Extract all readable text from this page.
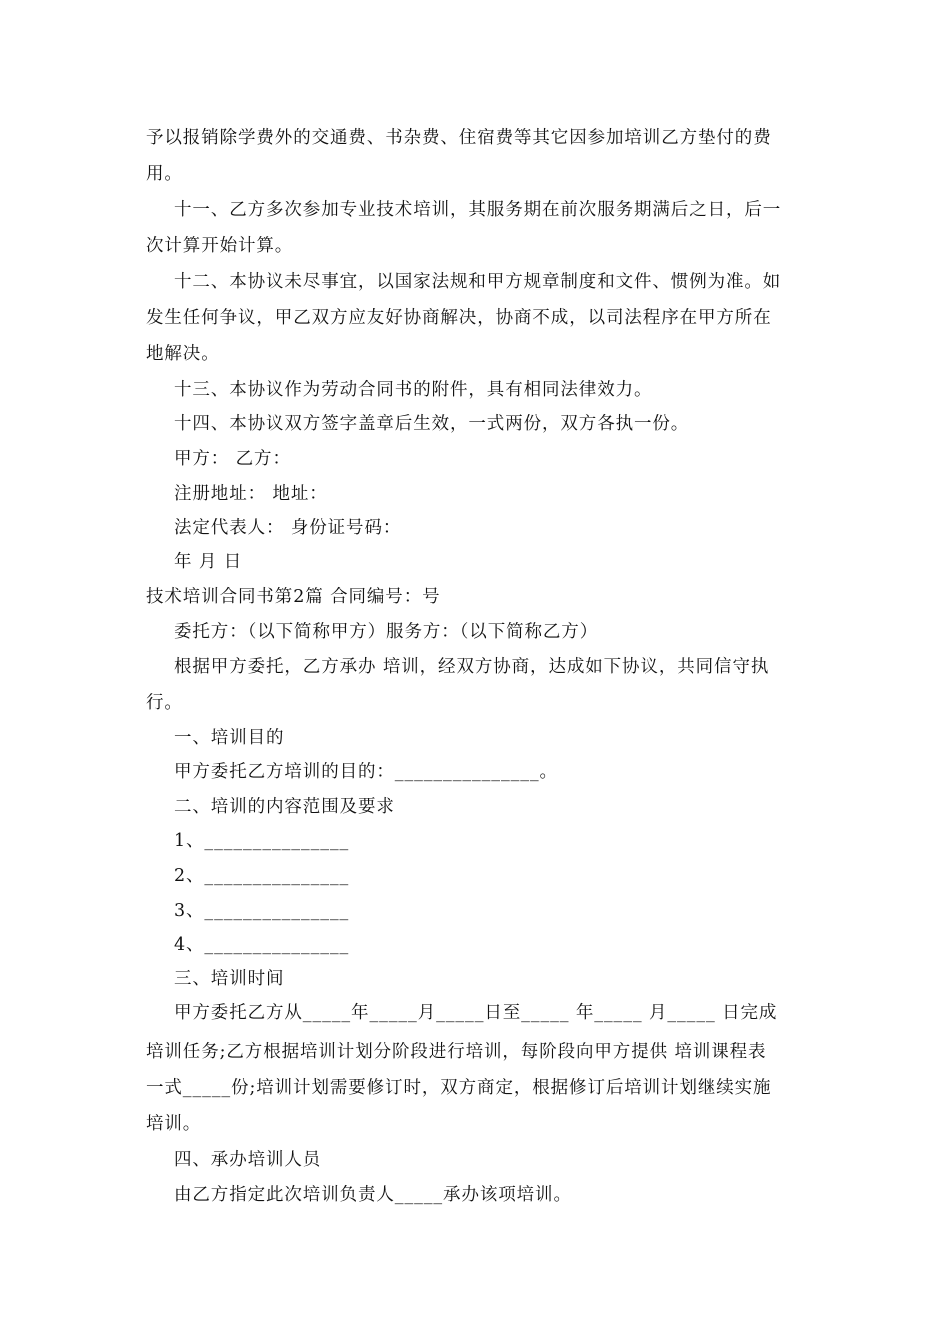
予以报销除学费外的交通费、书杂费、住宿费等其它因参加培训乙方垫付的费
用。
十一、乙方多次参加专业技术培训，其服务期在前次服务期满后之日，后一
次计算开始计算。
十二、本协议未尽事宜，以国家法规和甲方规章制度和文件、惯例为准。如
发生任何争议，甲乙双方应友好协商解决，协商不成，以司法程序在甲方所在
地解决。
十三、本协议作为劳动合同书的附件，具有相同法律效力。
十四、本协议双方签字盖章后生效，一式两份，双方各执一份。
甲方： 乙方：
注册地址： 地址：
法定代表人： 身份证号码：
年 月 日
技术培训合同书第2篇 合同编号：号
委托方：（以下简称甲方）服务方：（以下简称乙方）
根据甲方委托，乙方承办 培训，经双方协商，达成如下协议，共同信守执
行。
一、培训目的
甲方委托乙方培训的目的：_______________。
二、培训的内容范围及要求
1、_______________
2、_______________
3、_______________
4、_______________
三、培训时间
甲方委托乙方从_____年_____月_____日至_____ 年_____ 月_____ 日完成
培训任务;乙方根据培训计划分阶段进行培训，每阶段向甲方提供 培训课程表
一式_____份;培训计划需要修订时，双方商定，根据修订后培训计划继续实施
培训。
四、承办培训人员
由乙方指定此次培训负责人_____承办该项培训。
